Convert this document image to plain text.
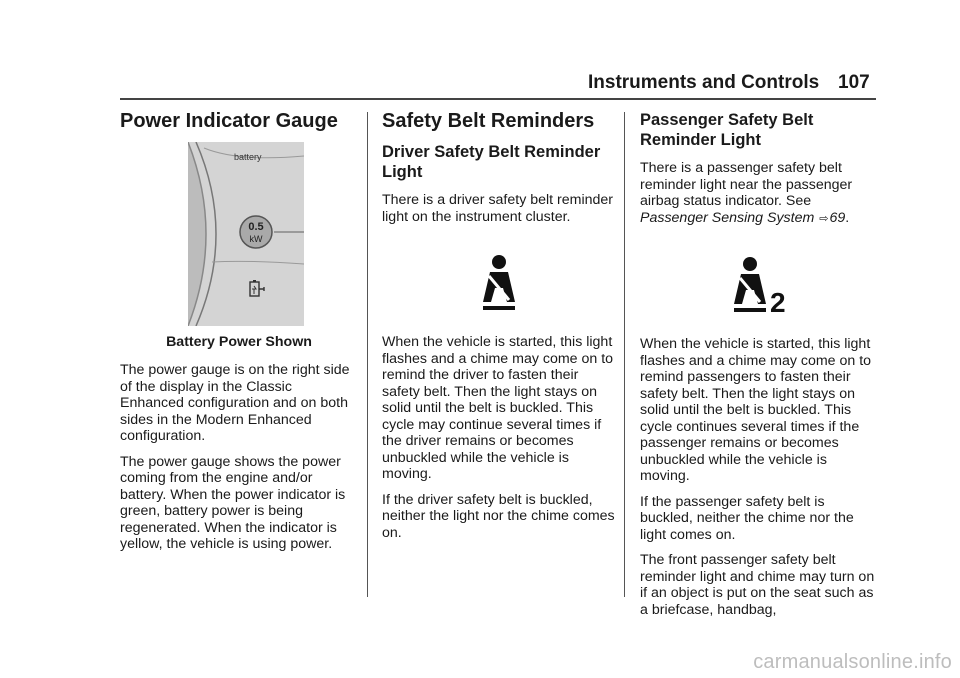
Instruments and Controls 107
Power Indicator Gauge
battery
0.5
kW
Battery Power Shown

The power gauge is on the right side of the display in the Classic Enhanced configuration and on both sides in the Modern Enhanced configuration.

The power gauge shows the power coming from the engine and/or battery. When the power indicator is green, battery power is being regenerated. When the indicator is yellow, the vehicle is using power.

Safety Belt Reminders
Driver Safety Belt Reminder Light

There is a driver safety belt reminder light on the instrument cluster.

When the vehicle is started, this light flashes and a chime may come on to remind the driver to fasten their safety belt. Then the light stays on solid until the belt is buckled. This cycle may continue several times if the driver remains or becomes unbuckled while the vehicle is moving.

If the driver safety belt is buckled, neither the light nor the chime comes on.

Passenger Safety Belt Reminder Light

There is a passenger safety belt reminder light near the passenger airbag status indicator. See Passenger Sensing System ⇨69.

2

When the vehicle is started, this light flashes and a chime may come on to remind passengers to fasten their safety belt. Then the light stays on solid until the belt is buckled. This cycle continues several times if the passenger remains or becomes unbuckled while the vehicle is moving.

If the passenger safety belt is buckled, neither the chime nor the light comes on.

The front passenger safety belt reminder light and chime may turn on if an object is put on the seat such as a briefcase, handbag,

carmanualsonline.info
